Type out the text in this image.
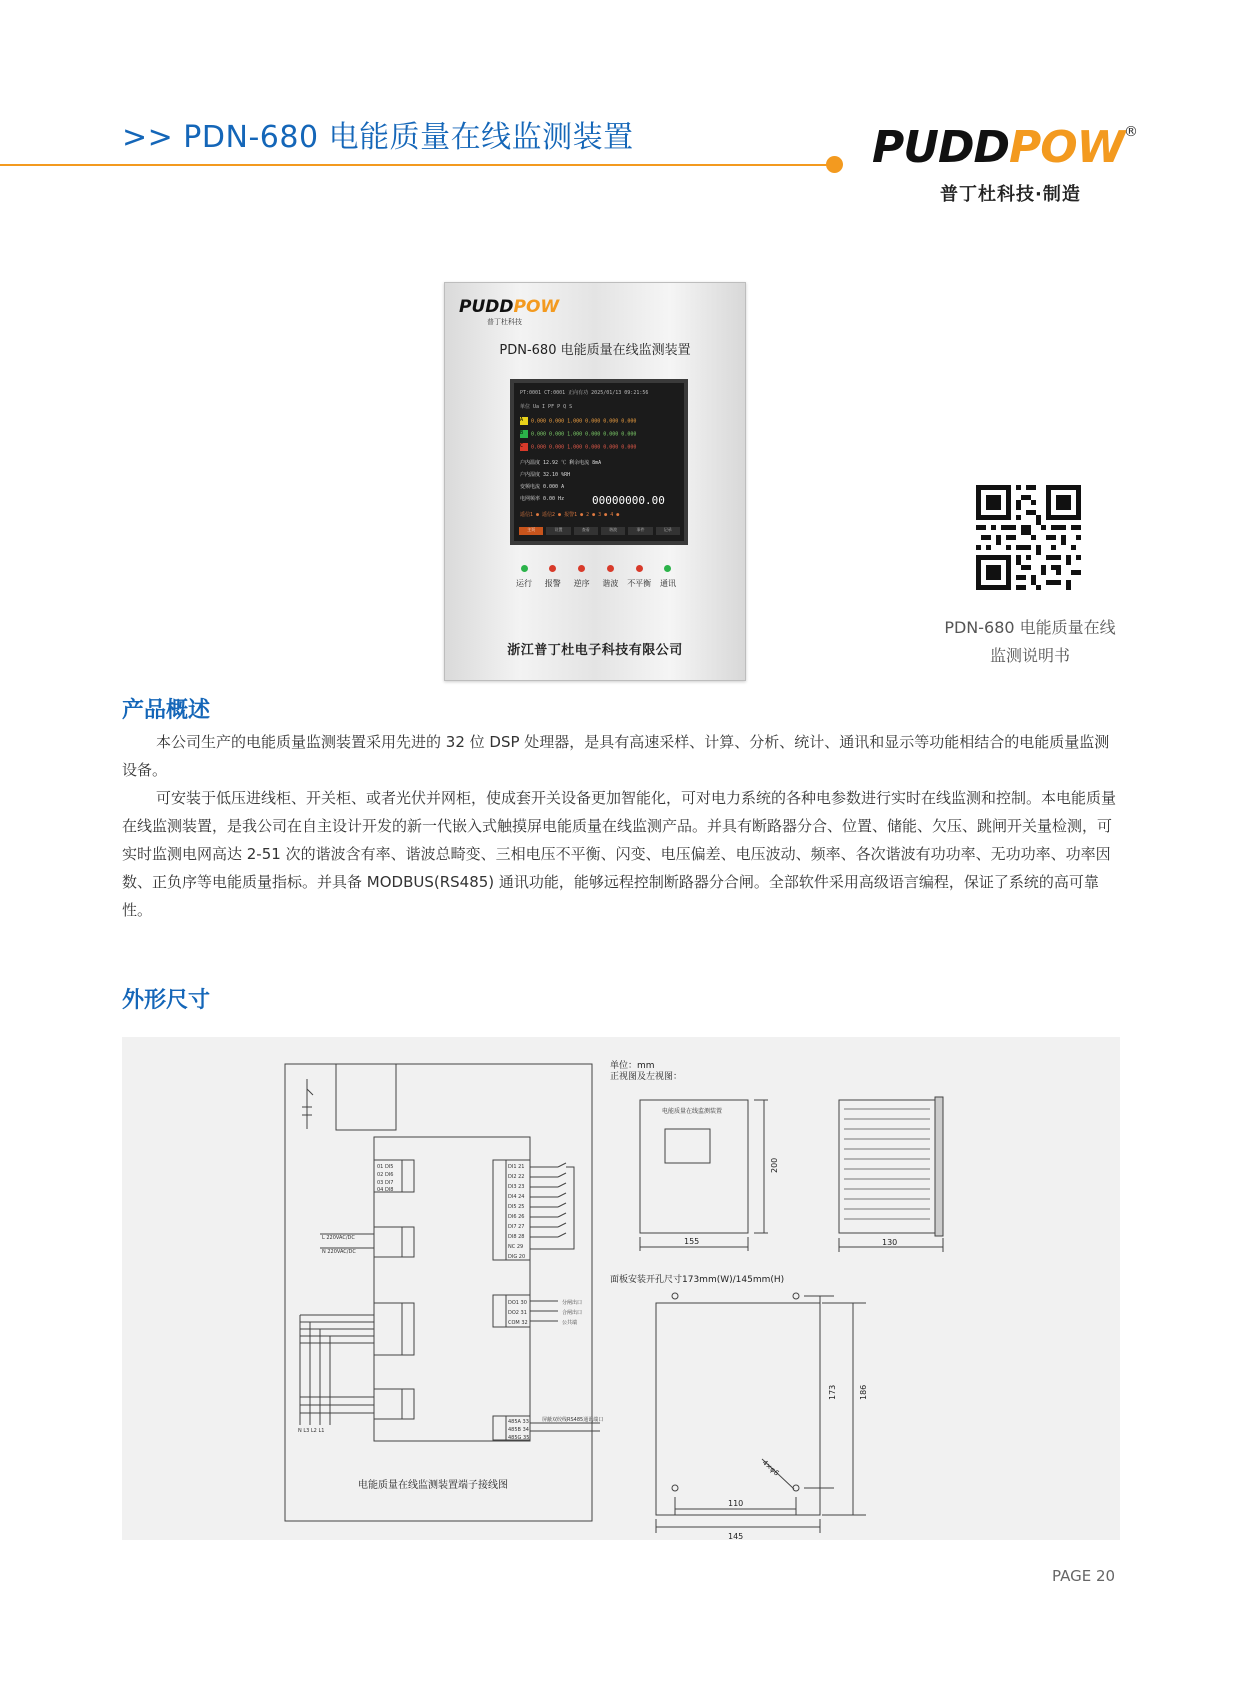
>> PDN-680 电能质量在线监测装置	PUDDPOW ®
普丁杜科技·制造
PUDDPOW
普丁杜科技
PDN-680 电能质量在线监测装置
PT:0001 CT:0001 正向有功 2025/01/13 09:21:56
单位 Ua I PF P Q S
A 0.000 0.000 1.000 0.000 0.000 0.000
B 0.000 0.000 1.000 0.000 0.000 0.000
C 0.000 0.000 1.000 0.000 0.000 0.000
户内温度 12.92 ℃ 剩余电流 8mA
户内湿度 32.10 %RH
变频电流 0.000 A
电网频率 0.00 Hz	00000000.00
遥信1 ● 遥信2 ● 报警1 ● 2 ● 3 ● 4 ●
主页	设置	查看	谐波	事件	记录
运行 报警 逆序 谐波 不平衡 通讯
浙江普丁杜电子科技有限公司
PDN-680 电能质量在线
监测说明书
产品概述

本公司生产的电能质量监测装置采用先进的 32 位 DSP 处理器，是具有高速采样、计算、分析、统计、通讯和显示等功能相结合的电能质量监测设备。

可安装于低压进线柜、开关柜、或者光伏并网柜，使成套开关设备更加智能化，可对电力系统的各种电参数进行实时在线监测和控制。本电能质量在线监测装置，是我公司在自主设计开发的新一代嵌入式触摸屏电能质量在线监测产品。并具有断路器分合、位置、储能、欠压、跳闸开关量检测，可实时监测电网高达 2-51 次的谐波含有率、谐波总畸变、三相电压不平衡、闪变、电压偏差、电压波动、频率、各次谐波有功功率、无功功率、功率因数、正负序等电能质量指标。并具备 MODBUS(RS485) 通讯功能，能够远程控制断路器分合闸。全部软件采用高级语言编程，保证了系统的高可靠性。

外形尺寸
01 DI5
02 DI6
03 DI7
04 DI8
DI1 21
DI2 22
DI3 23
DI4 24
DI5 25
DI6 26
DI7 27
DI8 28
NC 29
DIG 20
DO1 30
DO2 31
COM 32
485A 33
485B 34
485G 35
L 220VAC/DC
N 220VAC/DC
分闸出口
合闸出口
公共端
屏蔽双绞线RS485通讯端口
N L3 L2 L1
电能质量在线监测装置端子接线图
单位：mm
正视图及左视图：
电能质量在线监测装置
155
200
130
面板安装开孔尺寸173mm(W)/145mm(H)
4×φ6
173	186
110
145
PAGE 20
